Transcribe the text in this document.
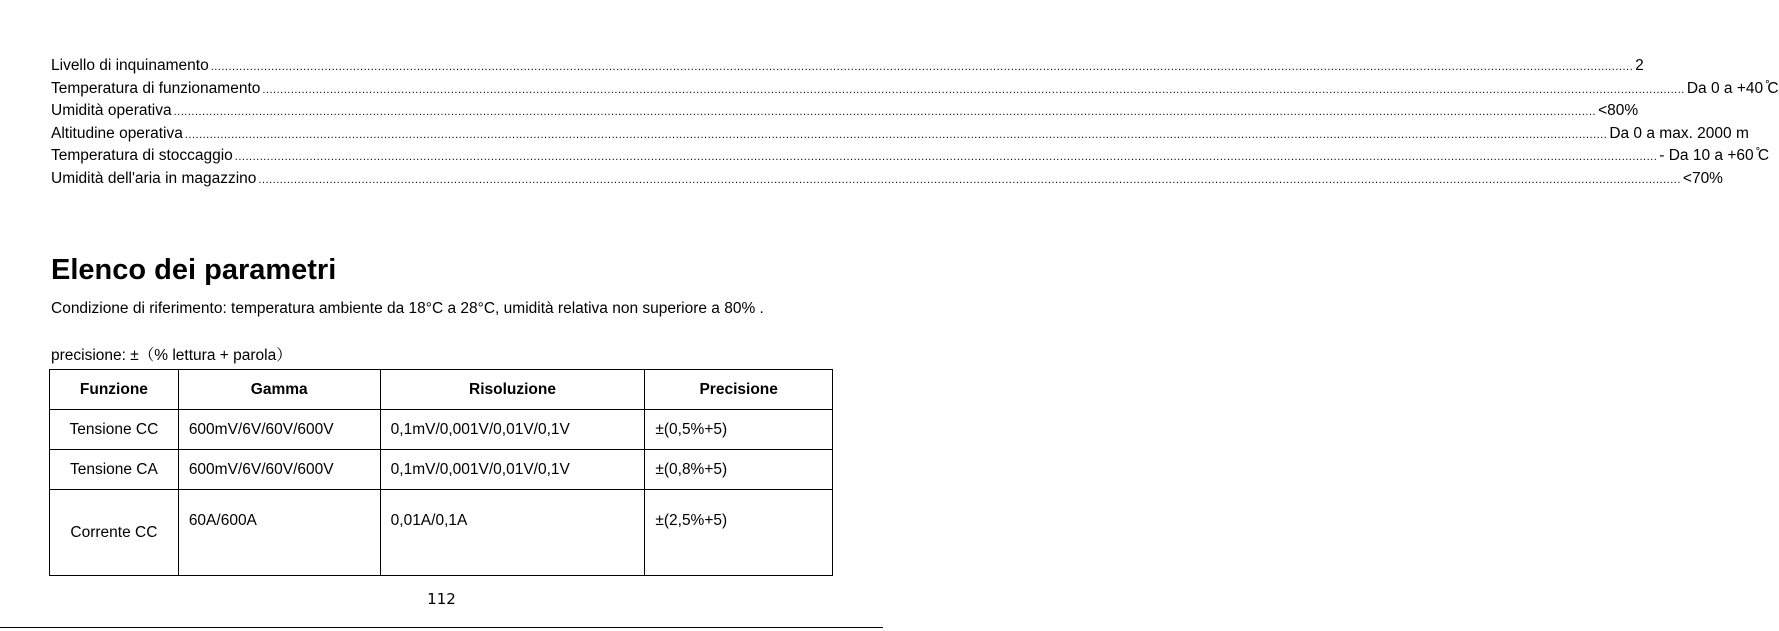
Livello di inquinamento ................................................................................................................................................................................................................................................................................................................................................................................................................ 2
Temperatura di funzionamento ................................................................................................................................................................................................................................................................................................................................................................................................................ Da 0 a +40 ̊C
Umidità operativa ................................................................................................................................................................................................................................................................................................................................................................................................................ <80%
Altitudine operativa ................................................................................................................................................................................................................................................................................................................................................................................................................ Da 0 a max. 2000 m
Temperatura di stoccaggio ................................................................................................................................................................................................................................................................................................................................................................................................................ - Da 10 a +60 ̊C
Umidità dell'aria in magazzino ................................................................................................................................................................................................................................................................................................................................................................................................................ <70%
Elenco dei parametri

Condizione di riferimento: temperatura ambiente da 18°C a 28°C, umidità relativa non superiore a 80% .

precisione: ±（% lettura + parola）

Funzione	Gamma	Risoluzione	Precisione
Tensione CC	600mV/6V/60V/600V	0,1mV/0,001V/0,01V/0,1V	±(0,5%+5)
Tensione CA	600mV/6V/60V/600V	0,1mV/0,001V/0,01V/0,1V	±(0,8%+5)
Corrente CC	60A/600A	0,01A/0,1A	±(2,5%+5)
112
